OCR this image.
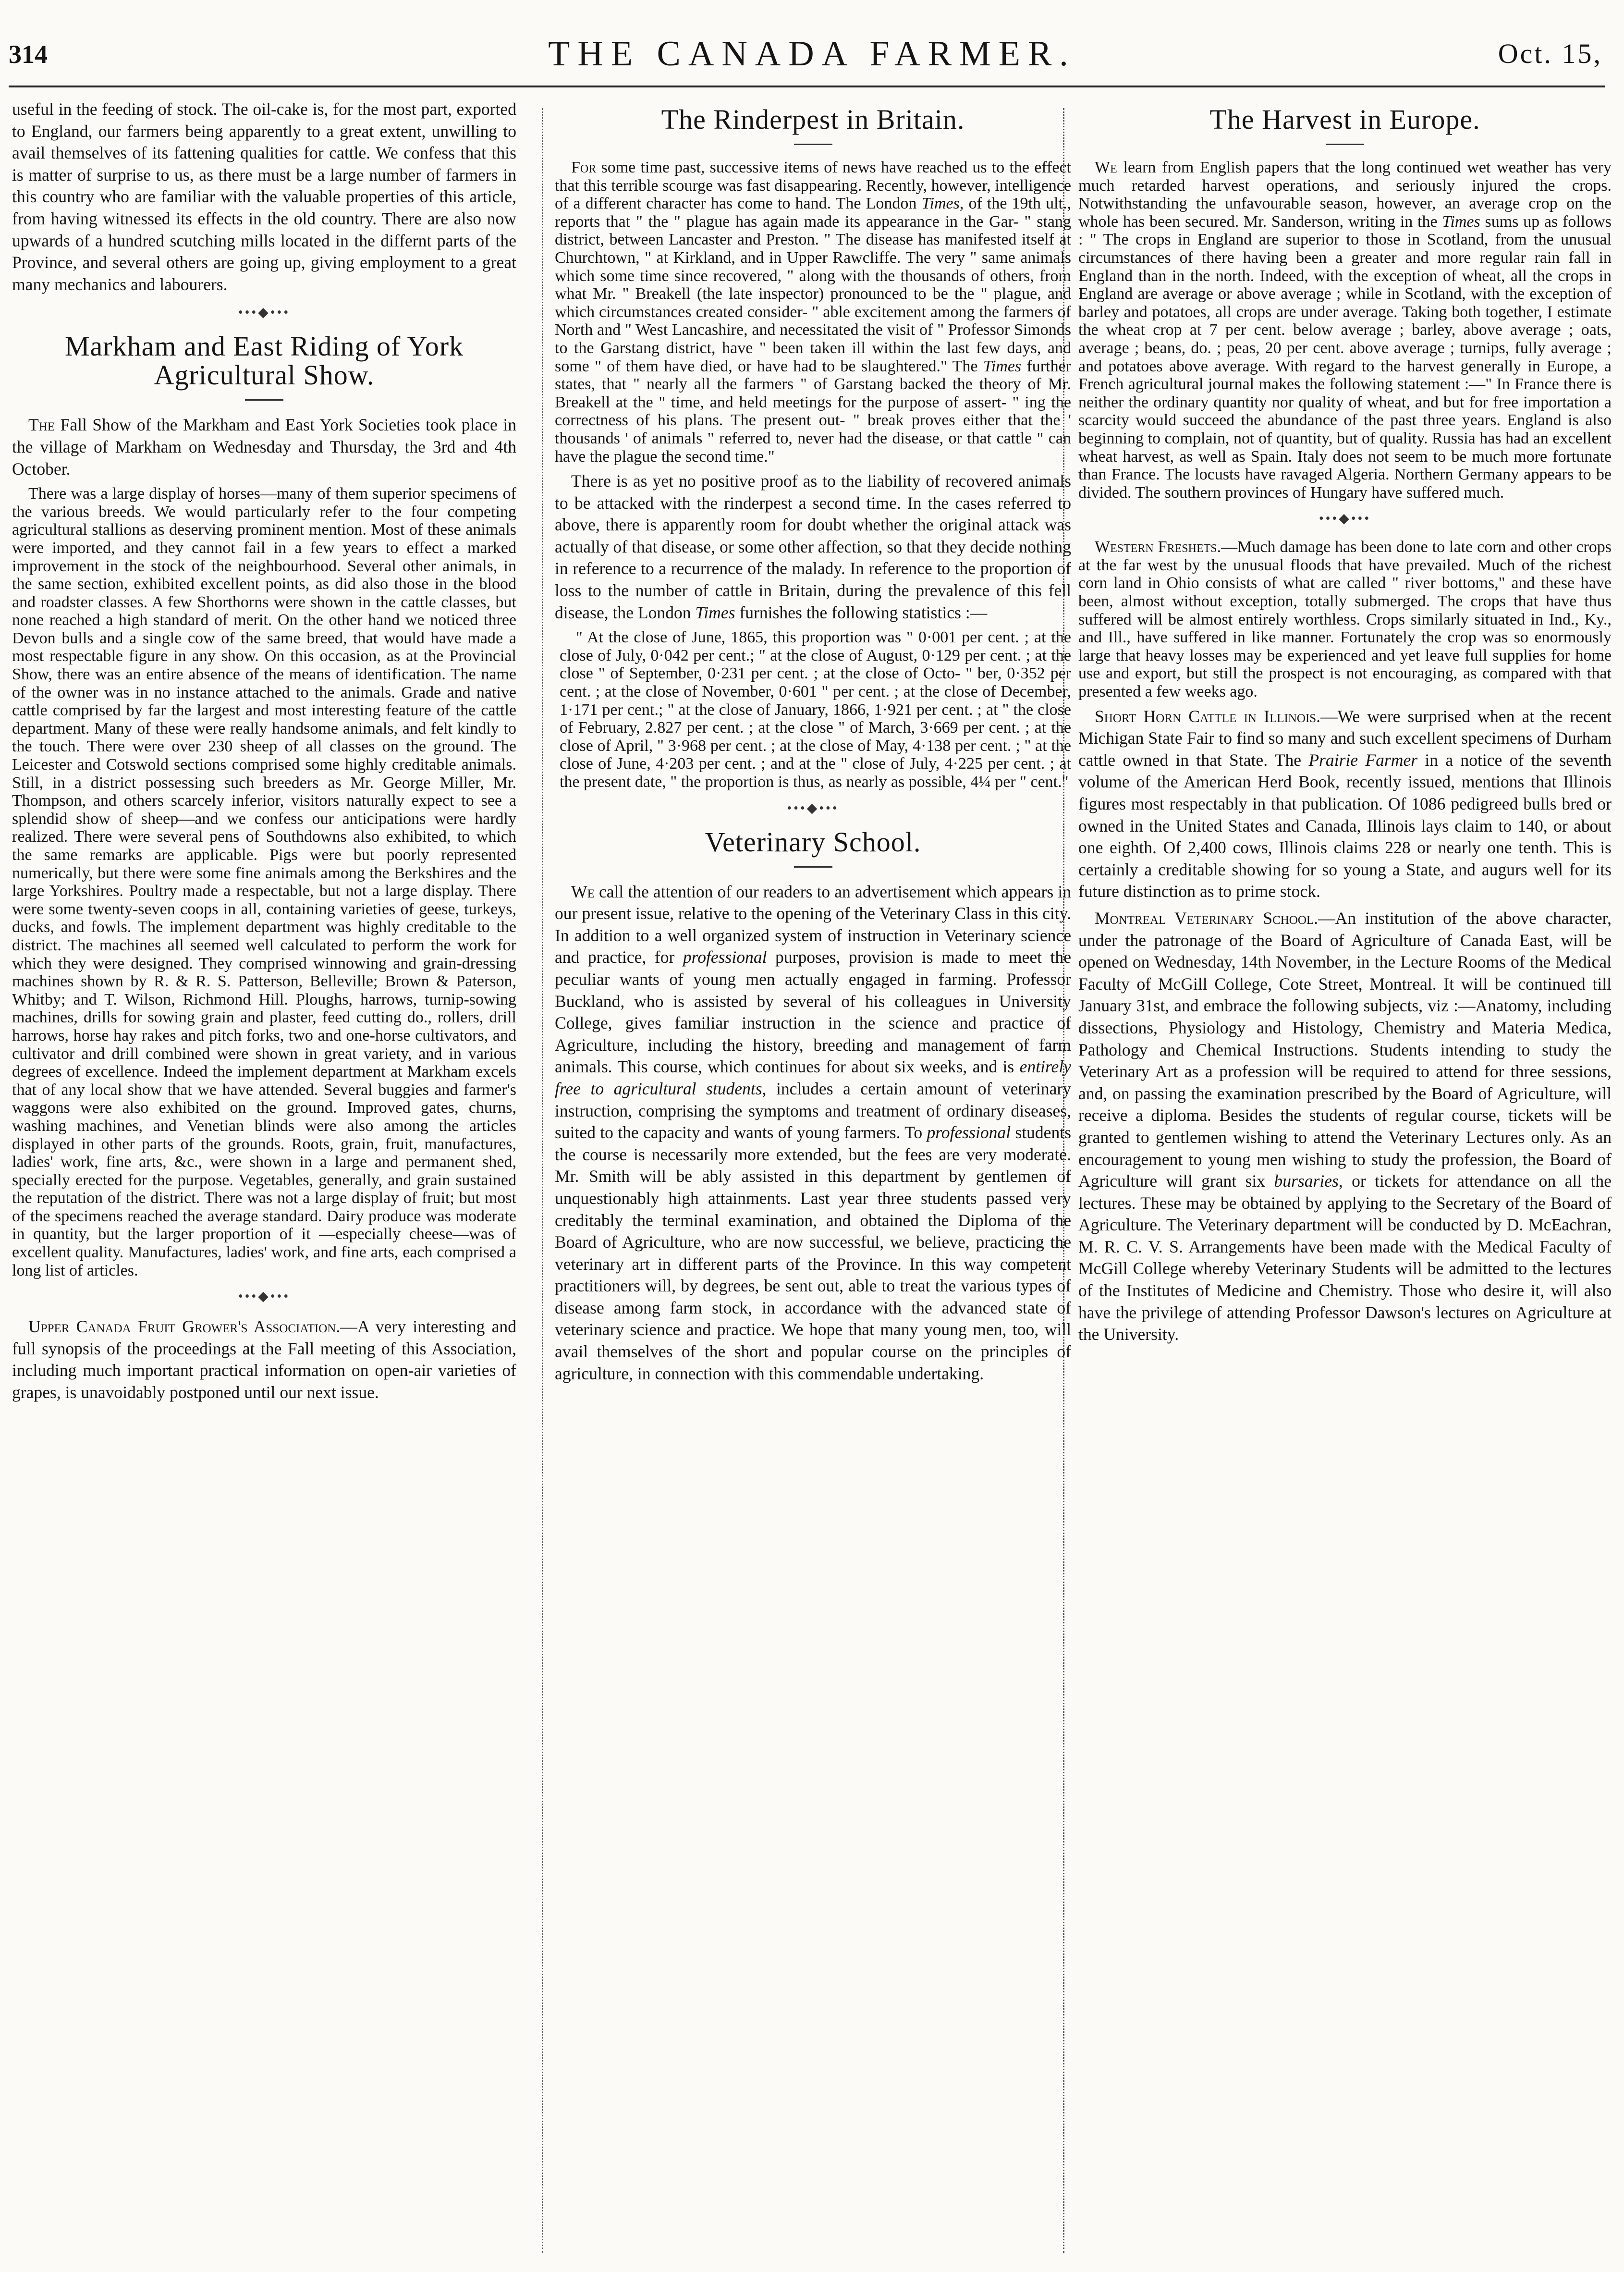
314	THE CANADA FARMER.	Oct. 15,

useful in the feeding of stock. The oil-cake is, for the most part, exported to England, our farmers being apparently to a great extent, unwilling to avail themselves of its fattening qualities for cattle. We confess that this is matter of surprise to us, as there must be a large number of farmers in this country who are familiar with the valuable properties of this article, from having witnessed its effects in the old country. There are also now upwards of a hundred scutching mills located in the differnt parts of the Province, and several others are going up, giving employment to a great many mechanics and labourers.

•••◆•••
Markham and East Riding of York Agricultural Show.

The Fall Show of the Markham and East York Societies took place in the village of Markham on Wednesday and Thursday, the 3rd and 4th October.

There was a large display of horses—many of them superior specimens of the various breeds. We would particularly refer to the four competing agricultural stallions as deserving prominent mention. Most of these animals were imported, and they cannot fail in a few years to effect a marked improvement in the stock of the neighbourhood. Several other animals, in the same section, exhibited excellent points, as did also those in the blood and roadster classes. A few Shorthorns were shown in the cattle classes, but none reached a high standard of merit. On the other hand we noticed three Devon bulls and a single cow of the same breed, that would have made a most respectable figure in any show. On this occasion, as at the Provincial Show, there was an entire absence of the means of identification. The name of the owner was in no instance attached to the animals. Grade and native cattle comprised by far the largest and most interesting feature of the cattle department. Many of these were really handsome animals, and felt kindly to the touch. There were over 230 sheep of all classes on the ground. The Leicester and Cotswold sections comprised some highly creditable animals. Still, in a district possessing such breeders as Mr. George Miller, Mr. Thompson, and others scarcely inferior, visitors naturally expect to see a splendid show of sheep—and we confess our anticipations were hardly realized. There were several pens of Southdowns also exhibited, to which the same remarks are applicable. Pigs were but poorly represented numerically, but there were some fine animals among the Berkshires and the large Yorkshires. Poultry made a respectable, but not a large display. There were some twenty-seven coops in all, containing varieties of geese, turkeys, ducks, and fowls. The implement department was highly creditable to the district. The machines all seemed well calculated to perform the work for which they were designed. They comprised winnowing and grain-dressing machines shown by R. & R. S. Patterson, Belleville; Brown & Paterson, Whitby; and T. Wilson, Richmond Hill. Ploughs, harrows, turnip-sowing machines, drills for sowing grain and plaster, feed cutting do., rollers, drill harrows, horse hay rakes and pitch forks, two and one-horse cultivators, and cultivator and drill combined were shown in great variety, and in various degrees of excellence. Indeed the implement department at Markham excels that of any local show that we have attended. Several buggies and farmer's waggons were also exhibited on the ground. Improved gates, churns, washing machines, and Venetian blinds were also among the articles displayed in other parts of the grounds. Roots, grain, fruit, manufactures, ladies' work, fine arts, &c., were shown in a large and permanent shed, specially erected for the purpose. Vegetables, generally, and grain sustained the reputation of the district. There was not a large display of fruit; but most of the specimens reached the average standard. Dairy produce was moderate in quantity, but the larger proportion of it —especially cheese—was of excellent quality. Manufactures, ladies' work, and fine arts, each comprised a long list of articles.

•••◆•••

Upper Canada Fruit Grower's Association.—A very interesting and full synopsis of the proceedings at the Fall meeting of this Association, including much important practical information on open-air varieties of grapes, is unavoidably postponed until our next issue.

The Rinderpest in Britain.

For some time past, successive items of news have reached us to the effect that this terrible scourge was fast disappearing. Recently, however, intelligence of a different character has come to hand. The London Times, of the 19th ult., reports that " the " plague has again made its appearance in the Gar- " stang district, between Lancaster and Preston. " The disease has manifested itself at Churchtown, " at Kirkland, and in Upper Rawcliffe. The very " same animals which some time since recovered, " along with the thousands of others, from what Mr. " Breakell (the late inspector) pronounced to be the " plague, and which circumstances created consider- " able excitement among the farmers of North and " West Lancashire, and necessitated the visit of " Professor Simonds to the Garstang district, have " been taken ill within the last few days, and some " of them have died, or have had to be slaughtered." The Times further states, that " nearly all the farmers " of Garstang backed the theory of Mr. Breakell at the " time, and held meetings for the purpose of assert- " ing the correctness of his plans. The present out- " break proves either that the ' thousands ' of animals " referred to, never had the disease, or that cattle " can have the plague the second time."

There is as yet no positive proof as to the liability of recovered animals to be attacked with the rinderpest a second time. In the cases referred to above, there is apparently room for doubt whether the original attack was actually of that disease, or some other affection, so that they decide nothing in reference to a recurrence of the malady. In reference to the proportion of loss to the number of cattle in Britain, during the prevalence of this fell disease, the London Times furnishes the following statistics :—

" At the close of June, 1865, this proportion was " 0·001 per cent. ; at the close of July, 0·042 per cent.; " at the close of August, 0·129 per cent. ; at the close " of September, 0·231 per cent. ; at the close of Octo- " ber, 0·352 per cent. ; at the close of November, 0·601 " per cent. ; at the close of December, 1·171 per cent.; " at the close of January, 1866, 1·921 per cent. ; at " the close of February, 2.827 per cent. ; at the close " of March, 3·669 per cent. ; at the close of April, " 3·968 per cent. ; at the close of May, 4·138 per cent. ; " at the close of June, 4·203 per cent. ; and at the " close of July, 4·225 per cent. ; at the present date, " the proportion is thus, as nearly as possible, 4¼ per " cent."

•••◆•••
Veterinary School.

We call the attention of our readers to an advertisement which appears in our present issue, relative to the opening of the Veterinary Class in this city. In addition to a well organized system of instruction in Veterinary science and practice, for professional purposes, provision is made to meet the peculiar wants of young men actually engaged in farming. Professor Buckland, who is assisted by several of his colleagues in University College, gives familiar instruction in the science and practice of Agriculture, including the history, breeding and management of farm animals. This course, which continues for about six weeks, and is entirely free to agricultural students, includes a certain amount of veterinary instruction, comprising the symptoms and treatment of ordinary diseases, suited to the capacity and wants of young farmers. To professional students the course is necessarily more extended, but the fees are very moderate. Mr. Smith will be ably assisted in this department by gentlemen of unquestionably high attainments. Last year three students passed very creditably the terminal examination, and obtained the Diploma of the Board of Agriculture, who are now successful, we believe, practicing the veterinary art in different parts of the Province. In this way competent practitioners will, by degrees, be sent out, able to treat the various types of disease among farm stock, in accordance with the advanced state of veterinary science and practice. We hope that many young men, too, will avail themselves of the short and popular course on the principles of agriculture, in connection with this commendable undertaking.

The Harvest in Europe.

We learn from English papers that the long continued wet weather has very much retarded harvest operations, and seriously injured the crops. Notwithstanding the unfavourable season, however, an average crop on the whole has been secured. Mr. Sanderson, writing in the Times sums up as follows : " The crops in England are superior to those in Scotland, from the unusual circumstances of there having been a greater and more regular rain fall in England than in the north. Indeed, with the exception of wheat, all the crops in England are average or above average ; while in Scotland, with the exception of barley and potatoes, all crops are under average. Taking both together, I estimate the wheat crop at 7 per cent. below average ; barley, above average ; oats, average ; beans, do. ; peas, 20 per cent. above average ; turnips, fully average ; and potatoes above average. With regard to the harvest generally in Europe, a French agricultural journal makes the following statement :—" In France there is neither the ordinary quantity nor quality of wheat, and but for free importation a scarcity would succeed the abundance of the past three years. England is also beginning to complain, not of quantity, but of quality. Russia has had an excellent wheat harvest, as well as Spain. Italy does not seem to be much more fortunate than France. The locusts have ravaged Algeria. Northern Germany appears to be divided. The southern provinces of Hungary have suffered much.

•••◆•••

Western Freshets.—Much damage has been done to late corn and other crops at the far west by the unusual floods that have prevailed. Much of the richest corn land in Ohio consists of what are called " river bottoms," and these have been, almost without exception, totally submerged. The crops that have thus suffered will be almost entirely worthless. Crops similarly situated in Ind., Ky., and Ill., have suffered in like manner. Fortunately the crop was so enormously large that heavy losses may be experienced and yet leave full supplies for home use and export, but still the prospect is not encouraging, as compared with that presented a few weeks ago.

Short Horn Cattle in Illinois.—We were surprised when at the recent Michigan State Fair to find so many and such excellent specimens of Durham cattle owned in that State. The Prairie Farmer in a notice of the seventh volume of the American Herd Book, recently issued, mentions that Illinois figures most respectably in that publication. Of 1086 pedigreed bulls bred or owned in the United States and Canada, Illinois lays claim to 140, or about one eighth. Of 2,400 cows, Illinois claims 228 or nearly one tenth. This is certainly a creditable showing for so young a State, and augurs well for its future distinction as to prime stock.

Montreal Veterinary School.—An institution of the above character, under the patronage of the Board of Agriculture of Canada East, will be opened on Wednesday, 14th November, in the Lecture Rooms of the Medical Faculty of McGill College, Cote Street, Montreal. It will be continued till January 31st, and embrace the following subjects, viz :—Anatomy, including dissections, Physiology and Histology, Chemistry and Materia Medica, Pathology and Chemical Instructions. Students intending to study the Veterinary Art as a profession will be required to attend for three sessions, and, on passing the examination prescribed by the Board of Agriculture, will receive a diploma. Besides the students of regular course, tickets will be granted to gentlemen wishing to attend the Veterinary Lectures only. As an encouragement to young men wishing to study the profession, the Board of Agriculture will grant six bursaries, or tickets for attendance on all the lectures. These may be obtained by applying to the Secretary of the Board of Agriculture. The Veterinary department will be conducted by D. McEachran, M. R. C. V. S. Arrangements have been made with the Medical Faculty of McGill College whereby Veterinary Students will be admitted to the lectures of the Institutes of Medicine and Chemistry. Those who desire it, will also have the privilege of attending Professor Dawson's lectures on Agriculture at the University.
